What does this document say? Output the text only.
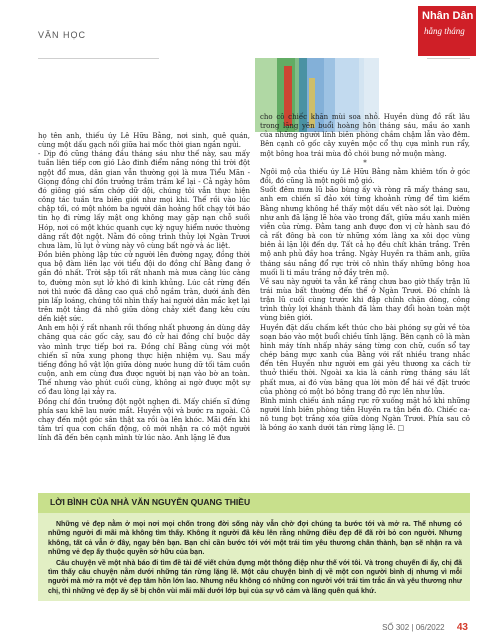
VĂN HỌC
Nhân Dân
hằng tháng

họ tên anh, thiếu úy Lê Hữu Bằng, nơi sinh, quê quán, cùng một dấu gạch nối giữa hai mốc thời gian ngắn ngủi.

- Dịp đó cũng tháng đầu tháng sáu như thế này, sau mấy tuần liên tiếp cơn gió Lào đinh điểm nắng nóng thì trời đột ngột đổ mưa, dân gian vẫn thường gọi là mưa Tiểu Mãn - Giọng đồng chí đồn trưởng trầm trầm kể lại - Cả ngày hôm đó giông gió sấm chớp dữ dội, chúng tôi vẫn thực hiện công tác tuần tra biên giới như mọi khi. Thế rồi vào lúc chập tối, có một nhóm ba người dân hoảng hốt chạy tới báo tin họ đi rừng lấy mật ong không may gặp nạn chỗ suối Hóp, nơi có một khúc quanh cực kỳ nguy hiểm nước thường dâng rất đột ngột. Nằm đó công trình thủy lợi Ngàn Trươi chưa làm, lũ lụt ở vùng này vô cùng bất ngờ và ác liệt.

Đồn biên phòng lập tức cử người lên đường ngay, đồng thời qua bộ đàm liên lạc với tiểu đội do đồng chí Bằng đang ở gần đó nhất. Trời sập tối rất nhanh mà mưa càng lúc càng to, đường mòn sụt lở khó đi kinh khủng. Lúc cắt rừng đến nơi thì nước đã dâng cao quá chỗ ngầm tràn, dưới ánh đèn pin lấp loáng, chúng tôi nhìn thấy hai người dân mắc kẹt lại trên một tảng đá nhô giữa dòng chảy xiết đang kêu cứu dến kiệt sức.

Anh em hội ý rất nhanh rồi thống nhất phương án dùng dây chăng qua các gốc cây, sau đó cử hai đồng chí buộc dây vào mình trực tiếp bơi ra. Đồng chí Bằng cùng với một chiến sĩ nữa xung phong thực hiện nhiệm vụ. Sau mấy tiếng đồng hồ vật lộn giữa dòng nước hung dữ tối tăm cuồn cuộn, anh em cùng đưa được người bị nạn vào bờ an toàn. Thế nhưng vào phút cuối cùng, không ai ngờ được một sự cố đau lòng lại xảy ra.

Đồng chí đồn trưởng đột ngột nghẹn đi. Mấy chiến sĩ đứng phía sau khẽ lau nước mắt. Huyền vội và bước ra ngoài. Cô chạy đến một góc sân thật xa rồi òa lên khóc. Mãi đến khi tâm trí qua cơn chấn động, cô mới nhận ra có một người lính đã đến bên cạnh mình từ lúc nào. Anh lặng lẽ đưa

cho cô chiếc khăn mùi soa nhỏ. Huyền dùng đồ rất lâu trong lặng yên buổi hoàng hôn tháng sáu, mầu áo xanh của những người lính biên phòng chầm chậm lẫn vào đêm. Bên cạnh cô gốc cây xuyên mộc cổ thụ cựa mình run rẩy, một bông hoa trái mùa đỏ chói bung nở muộn màng.

*

Ngôi mộ của thiếu úy Lê Hữu Bằng nằm khiêm tốn ở góc đồi, đó cũng là một ngôi mộ gió.

Suốt đêm mưa lũ bão bùng ấy và ròng rã mấy tháng sau, anh em chiến sĩ đảo xới từng khoảnh rừng để tìm kiếm Bằng nhưng không hề thấy một dấu vết nào sót lại. Dường như anh đã lặng lẽ hòa vào trong đất, giữa mầu xanh miên viễn của rừng. Đằm tang anh được đơn vị cử hành sau đó cả rất đông bà con từ những xóm làng xa xôi dọc vùng biên ải lặn lội đến dự. Tất cả họ đều chít khăn trắng. Trên mộ anh phủ đầy hoa trắng. Ngày Huyền ra thăm anh, giữa tháng sáu nắng đổ rực trời cô nhìn thấy những bông hoa muối li ti mầu trắng nở đầy trên mộ.

Về sau này người ta vẫn kể răng chưa bao giờ thấy trận lũ trái mùa bất thường đến thế ở Ngàn Trươi. Đó chính là trận lũ cuối cùng trước khi đập chính chặn dòng, công trình thủy lợi khánh thành đã làm thay đổi hoàn toàn một vùng biên giới.

Huyền đặt dấu chấm kết thúc cho bài phóng sự gửi về tòa soạn báo vào một buổi chiều tĩnh lặng. Bên cạnh cô là màn hình máy tính nhấp nháy sáng từng con chữ, cuốn sổ tay chép băng mực xanh của Bằng với rất nhiều trang nhắc đến tên Huyền như người em gái yêu thương xa cách từ thuở thiếu thời. Ngoài xa kia là cánh rừng tháng sáu lất phất mưa, ai đó vừa bâng qua lời mòn để hái về đặt trước của phòng có một bó bông trang đỏ rực lên như lửa.

Bình minh chiếu ánh nắng rực rỡ xuống mặt hồ khi những người lính biên phòng tiễn Huyền ra tận bến đò. Chiếc ca-nô tung bọt trắng xóa giữa dòng Ngàn Trươi. Phía sau cô là bóng áo xanh dưới tán rừng lặng lẽ. □

LỜI BÌNH CỦA NHÀ VĂN NGUYỄN QUANG THIỀU

Những vẻ đẹp nằm ở mọi nơi mọi chốn trong đời sống này vẫn chờ đợi chúng ta bước tới và mở ra. Thế nhưng có những người đi mãi mà không tìm thấy. Không ít người đã kêu lên rằng những điều đẹp đẽ đã rời bỏ con người. Nhưng không, tất cả vẫn ở đây, ngay bên bạn. Bạn chỉ cần bước tới với một trái tim yêu thương chân thành, bạn sẽ nhận ra và những vẻ đẹp ấy thuộc quyền sở hữu của bạn.

Câu chuyện về một nhà báo đi tìm đề tài để viết chửa đựng một thông điệp như thế với tôi. Và trong chuyến đi ấy, chị đã tìm thấy câu chuyện nằm dưới những tán rừng lặng lẽ. Một câu chuyện bình dị về một con người bình dị nhưng vì mỗi người mà mở ra một vẻ đẹp tâm hồn lớn lao. Nhưng nếu không có những con người với trái tim trắc ẩn và yêu thương như chị, thì những vẻ đẹp ấy sẽ bị chôn vùi mãi mãi dưới lớp bụi của sự vô cảm và lãng quên quá khứ.

SỐ 302 | 06/2022 43
